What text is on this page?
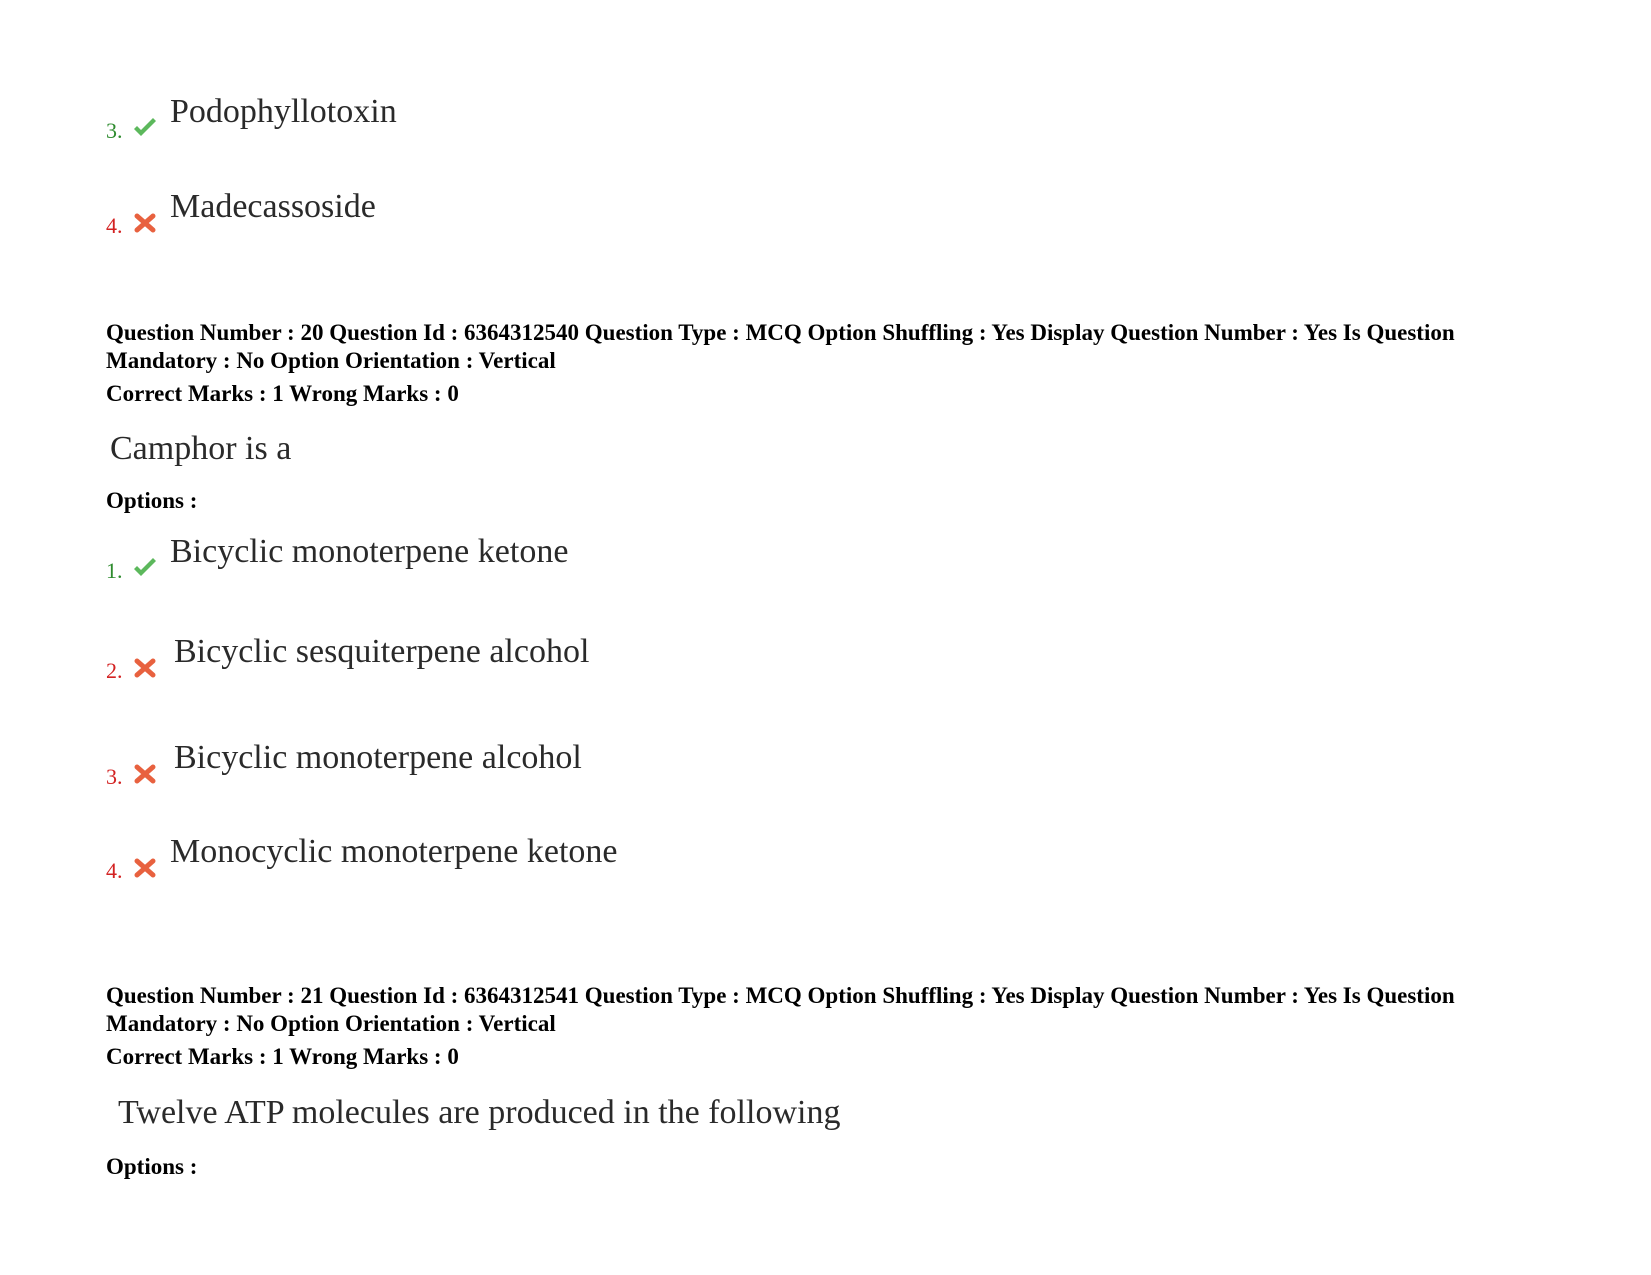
3.
Podophyllotoxin
4.
Madecassoside
Question Number : 20 Question Id : 6364312540 Question Type : MCQ Option Shuffling : Yes Display Question Number : Yes Is Question Mandatory : No Option Orientation : Vertical
Correct Marks : 1 Wrong Marks : 0
Camphor is a
Options :
1.
Bicyclic monoterpene ketone
2.
Bicyclic sesquiterpene alcohol
3.
Bicyclic monoterpene alcohol
4.
Monocyclic monoterpene ketone
Question Number : 21 Question Id : 6364312541 Question Type : MCQ Option Shuffling : Yes Display Question Number : Yes Is Question Mandatory : No Option Orientation : Vertical
Correct Marks : 1 Wrong Marks : 0
Twelve ATP molecules are produced in the following
Options :
